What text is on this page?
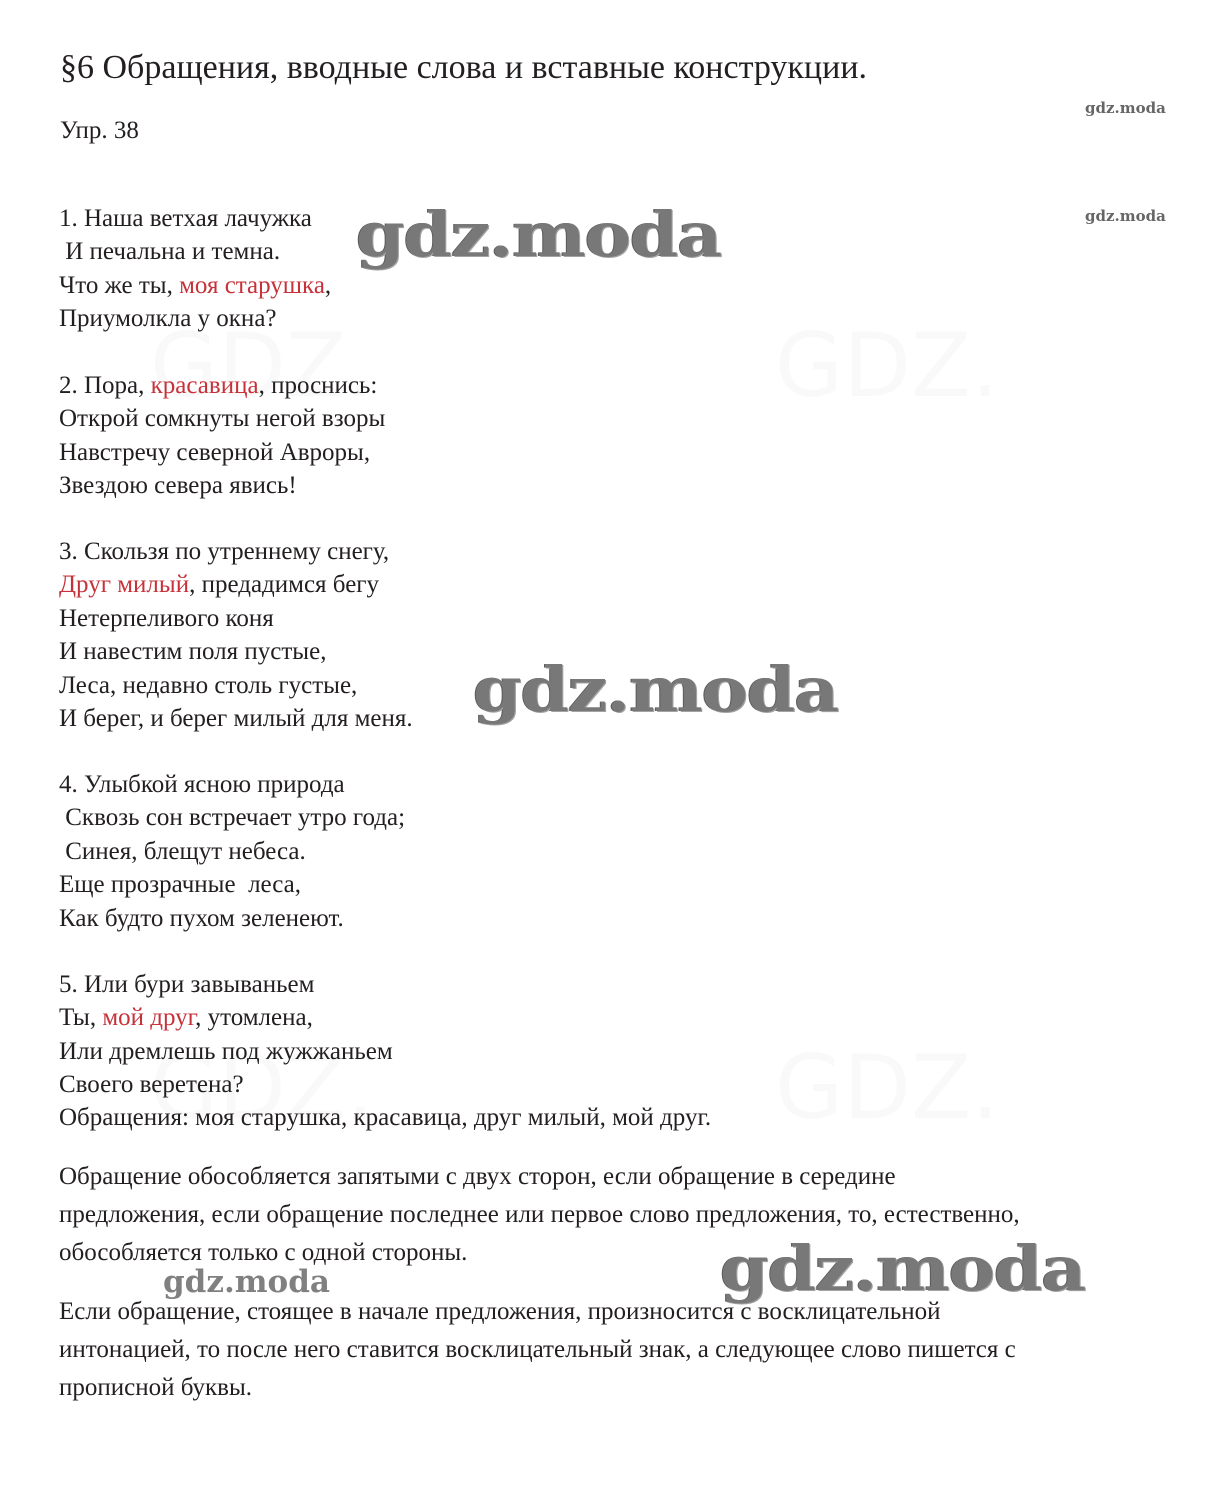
§6 Обращения, вводные слова и вставные конструкции.
gdz.moda
gdz.moda
Упр. 38
1. Наша ветхая лачужка
И печальна и темна.
Что же ты, моя старушка,
Приумолкла у окна?
2. Пора, красавица, проснись:
Открой сомкнуты негой взоры
Навстречу северной Авроры,
Звездою севера явись!
3. Скользя по утреннему снегу,
Друг милый, предадимся бегу
Нетерпеливого коня
И навестим поля пустые,
Леса, недавно столь густые,
И берег, и берег милый для меня.
4. Улыбкой ясною природа
Сквозь сон встречает утро года;
Синея, блещут небеса.
Еще прозрачные  леса,
Как будто пухом зеленеют.
5. Или бури завываньем
Ты, мой друг, утомлена,
Или дремлешь под жужжаньем
Своего веретена?
Обращения: моя старушка, красавица, друг милый, мой друг.
Обращение обособляется запятыми с двух сторон, если обращение в середине
предложения, если обращение последнее или первое слово предложения, то, естественно,
обособляется только с одной стороны.
Если обращение, стоящее в начале предложения, произносится с восклицательной
интонацией, то после него ставится восклицательный знак, а следующее слово пишется с
прописной буквы.
gdz.moda
gdz.moda
gdz.moda
gdz.moda
